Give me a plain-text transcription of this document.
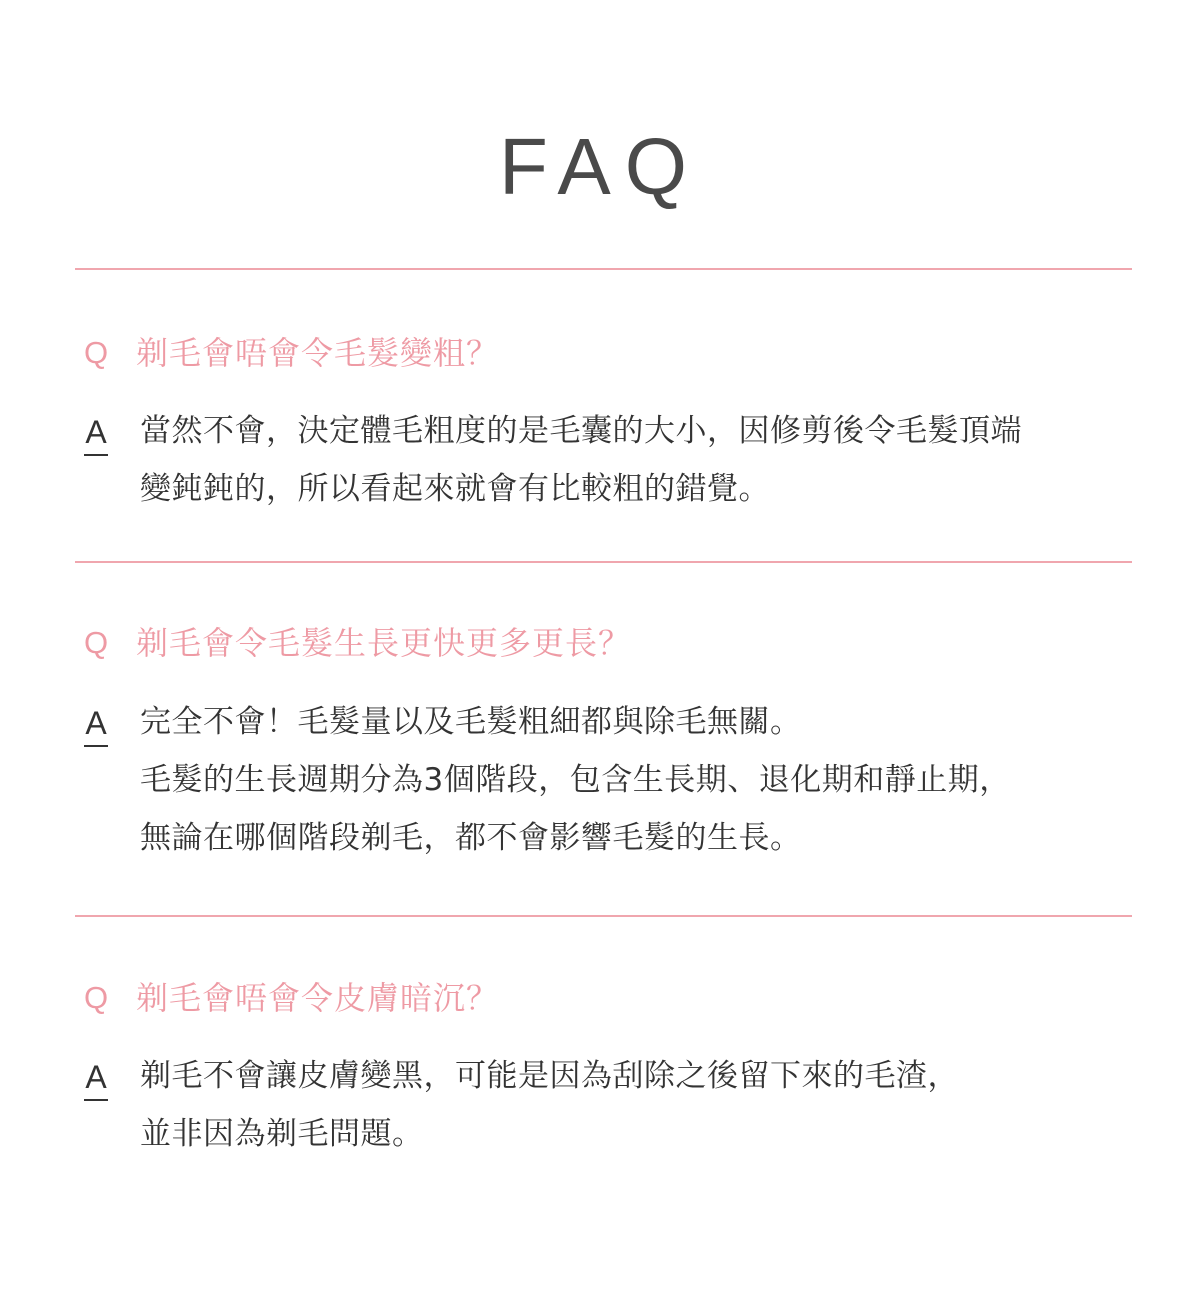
FAQ
Q 剃毛會唔會令毛髮變粗？
A 當然不會，決定體毛粗度的是毛囊的大小，因修剪後令毛髮頂端
變鈍鈍的，所以看起來就會有比較粗的錯覺。
Q 剃毛會令毛髮生長更快更多更長？
A 完全不會！毛髮量以及毛髮粗細都與除毛無關。
毛髮的生長週期分為3個階段，包含生長期、退化期和靜止期，
無論在哪個階段剃毛，都不會影響毛髮的生長。
Q 剃毛會唔會令皮膚暗沉？
A 剃毛不會讓皮膚變黑，可能是因為刮除之後留下來的毛渣，
並非因為剃毛問題。
